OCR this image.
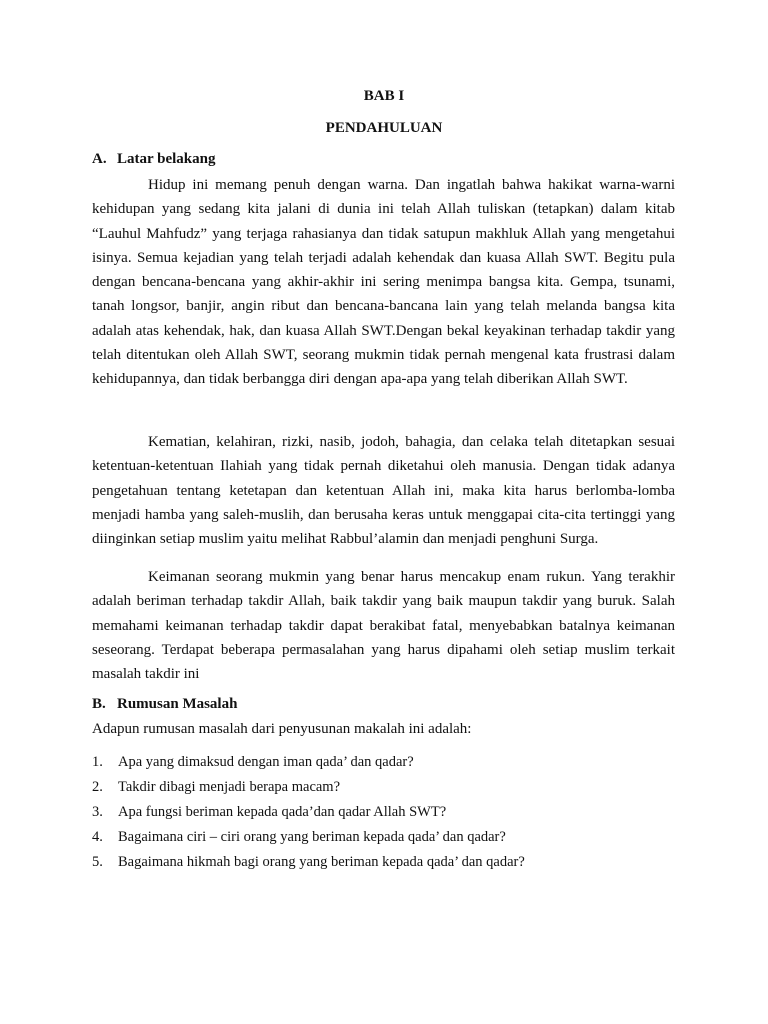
BAB I
PENDAHULUAN
A. Latar belakang
Hidup ini memang penuh dengan warna. Dan ingatlah bahwa hakikat warna-warni kehidupan yang sedang kita jalani di dunia ini telah Allah tuliskan (tetapkan) dalam kitab “Lauhul Mahfudz” yang terjaga rahasianya dan tidak satupun makhluk Allah yang mengetahui isinya. Semua kejadian yang telah terjadi adalah kehendak dan kuasa Allah SWT. Begitu pula dengan bencana-bencana yang akhir-akhir ini sering menimpa bangsa kita. Gempa, tsunami, tanah longsor, banjir, angin ribut dan bencana-bancana lain yang telah melanda bangsa kita adalah atas kehendak, hak, dan kuasa Allah SWT.Dengan bekal keyakinan terhadap takdir yang telah ditentukan oleh Allah SWT, seorang mukmin tidak pernah mengenal kata frustrasi dalam kehidupannya, dan tidak berbangga diri dengan apa-apa yang telah diberikan Allah SWT.
Kematian, kelahiran, rizki, nasib, jodoh, bahagia, dan celaka telah ditetapkan sesuai ketentuan-ketentuan Ilahiah yang tidak pernah diketahui oleh manusia. Dengan tidak adanya pengetahuan tentang ketetapan dan ketentuan Allah ini, maka kita harus berlomba-lomba menjadi hamba yang saleh-muslih, dan berusaha keras untuk menggapai cita-cita tertinggi yang diinginkan setiap muslim yaitu melihat Rabbul’alamin dan menjadi penghuni Surga.
Keimanan seorang mukmin yang benar harus mencakup enam rukun. Yang terakhir adalah beriman terhadap takdir Allah, baik takdir yang baik maupun takdir yang buruk. Salah memahami keimanan terhadap takdir dapat berakibat fatal, menyebabkan batalnya keimanan seseorang. Terdapat beberapa permasalahan yang harus dipahami oleh setiap muslim terkait masalah takdir ini
B. Rumusan Masalah
Adapun rumusan masalah dari penyusunan makalah ini adalah:
1. Apa yang dimaksud dengan iman qada’ dan qadar?
2. Takdir dibagi menjadi berapa macam?
3. Apa fungsi beriman kepada qada’dan qadar Allah SWT?
4. Bagaimana ciri – ciri orang yang beriman kepada qada’ dan qadar?
5. Bagaimana hikmah bagi orang yang beriman kepada qada’ dan qadar?
